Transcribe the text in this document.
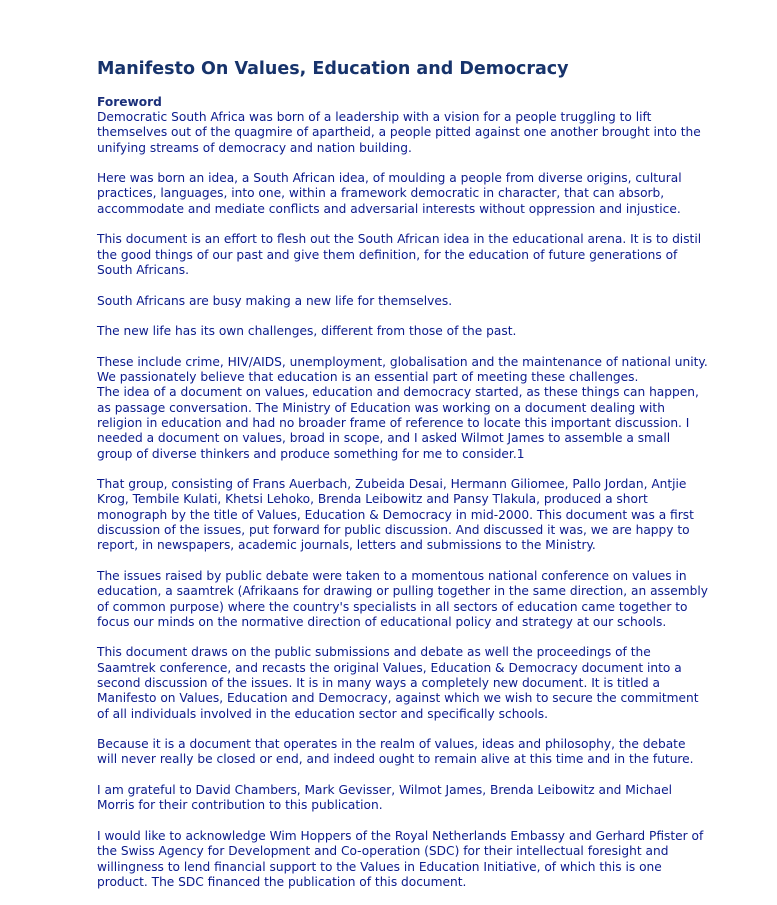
Manifesto On Values, Education and Democracy
Foreword

Democratic South Africa was born of a leadership with a vision for a people truggling to lift themselves out of the quagmire of apartheid, a people pitted against one another brought into the unifying streams of democracy and nation building.

Here was born an idea, a South African idea, of moulding a people from diverse origins, cultural practices, languages, into one, within a framework democratic in character, that can absorb, accommodate and mediate conflicts and adversarial interests without oppression and injustice.

This document is an effort to flesh out the South African idea in the educational arena. It is to distil the good things of our past and give them definition, for the education of future generations of South Africans.

South Africans are busy making a new life for themselves.

The new life has its own challenges, different from those of the past.

These include crime, HIV/AIDS, unemployment, globalisation and the maintenance of national unity. We passionately believe that education is an essential part of meeting these challenges.

The idea of a document on values, education and democracy started, as these things can happen, as passage conversation. The Ministry of Education was working on a document dealing with religion in education and had no broader frame of reference to locate this important discussion. I needed a document on values, broad in scope, and I asked Wilmot James to assemble a small group of diverse thinkers and produce something for me to consider.1

That group, consisting of Frans Auerbach, Zubeida Desai, Hermann Giliomee, Pallo Jordan, Antjie Krog, Tembile Kulati, Khetsi Lehoko, Brenda Leibowitz and Pansy Tlakula, produced a short monograph by the title of Values, Education & Democracy in mid-2000. This document was a first discussion of the issues, put forward for public discussion. And discussed it was, we are happy to report, in newspapers, academic journals, letters and submissions to the Ministry.

The issues raised by public debate were taken to a momentous national conference on values in education, a saamtrek (Afrikaans for drawing or pulling together in the same direction, an assembly of common purpose) where the country's specialists in all sectors of education came together to focus our minds on the normative direction of educational policy and strategy at our schools.

This document draws on the public submissions and debate as well the proceedings of the Saamtrek conference, and recasts the original Values, Education & Democracy document into a second discussion of the issues. It is in many ways a completely new document. It is titled a Manifesto on Values, Education and Democracy, against which we wish to secure the commitment of all individuals involved in the education sector and specifically schools.

Because it is a document that operates in the realm of values, ideas and philosophy, the debate will never really be closed or end, and indeed ought to remain alive at this time and in the future.

I am grateful to David Chambers, Mark Gevisser, Wilmot James, Brenda Leibowitz and Michael Morris for their contribution to this publication.

I would like to acknowledge Wim Hoppers of the Royal Netherlands Embassy and Gerhard Pfister of the Swiss Agency for Development and Co-operation (SDC) for their intellectual foresight and willingness to lend financial support to the Values in Education Initiative, of which this is one product. The SDC financed the publication of this document.
